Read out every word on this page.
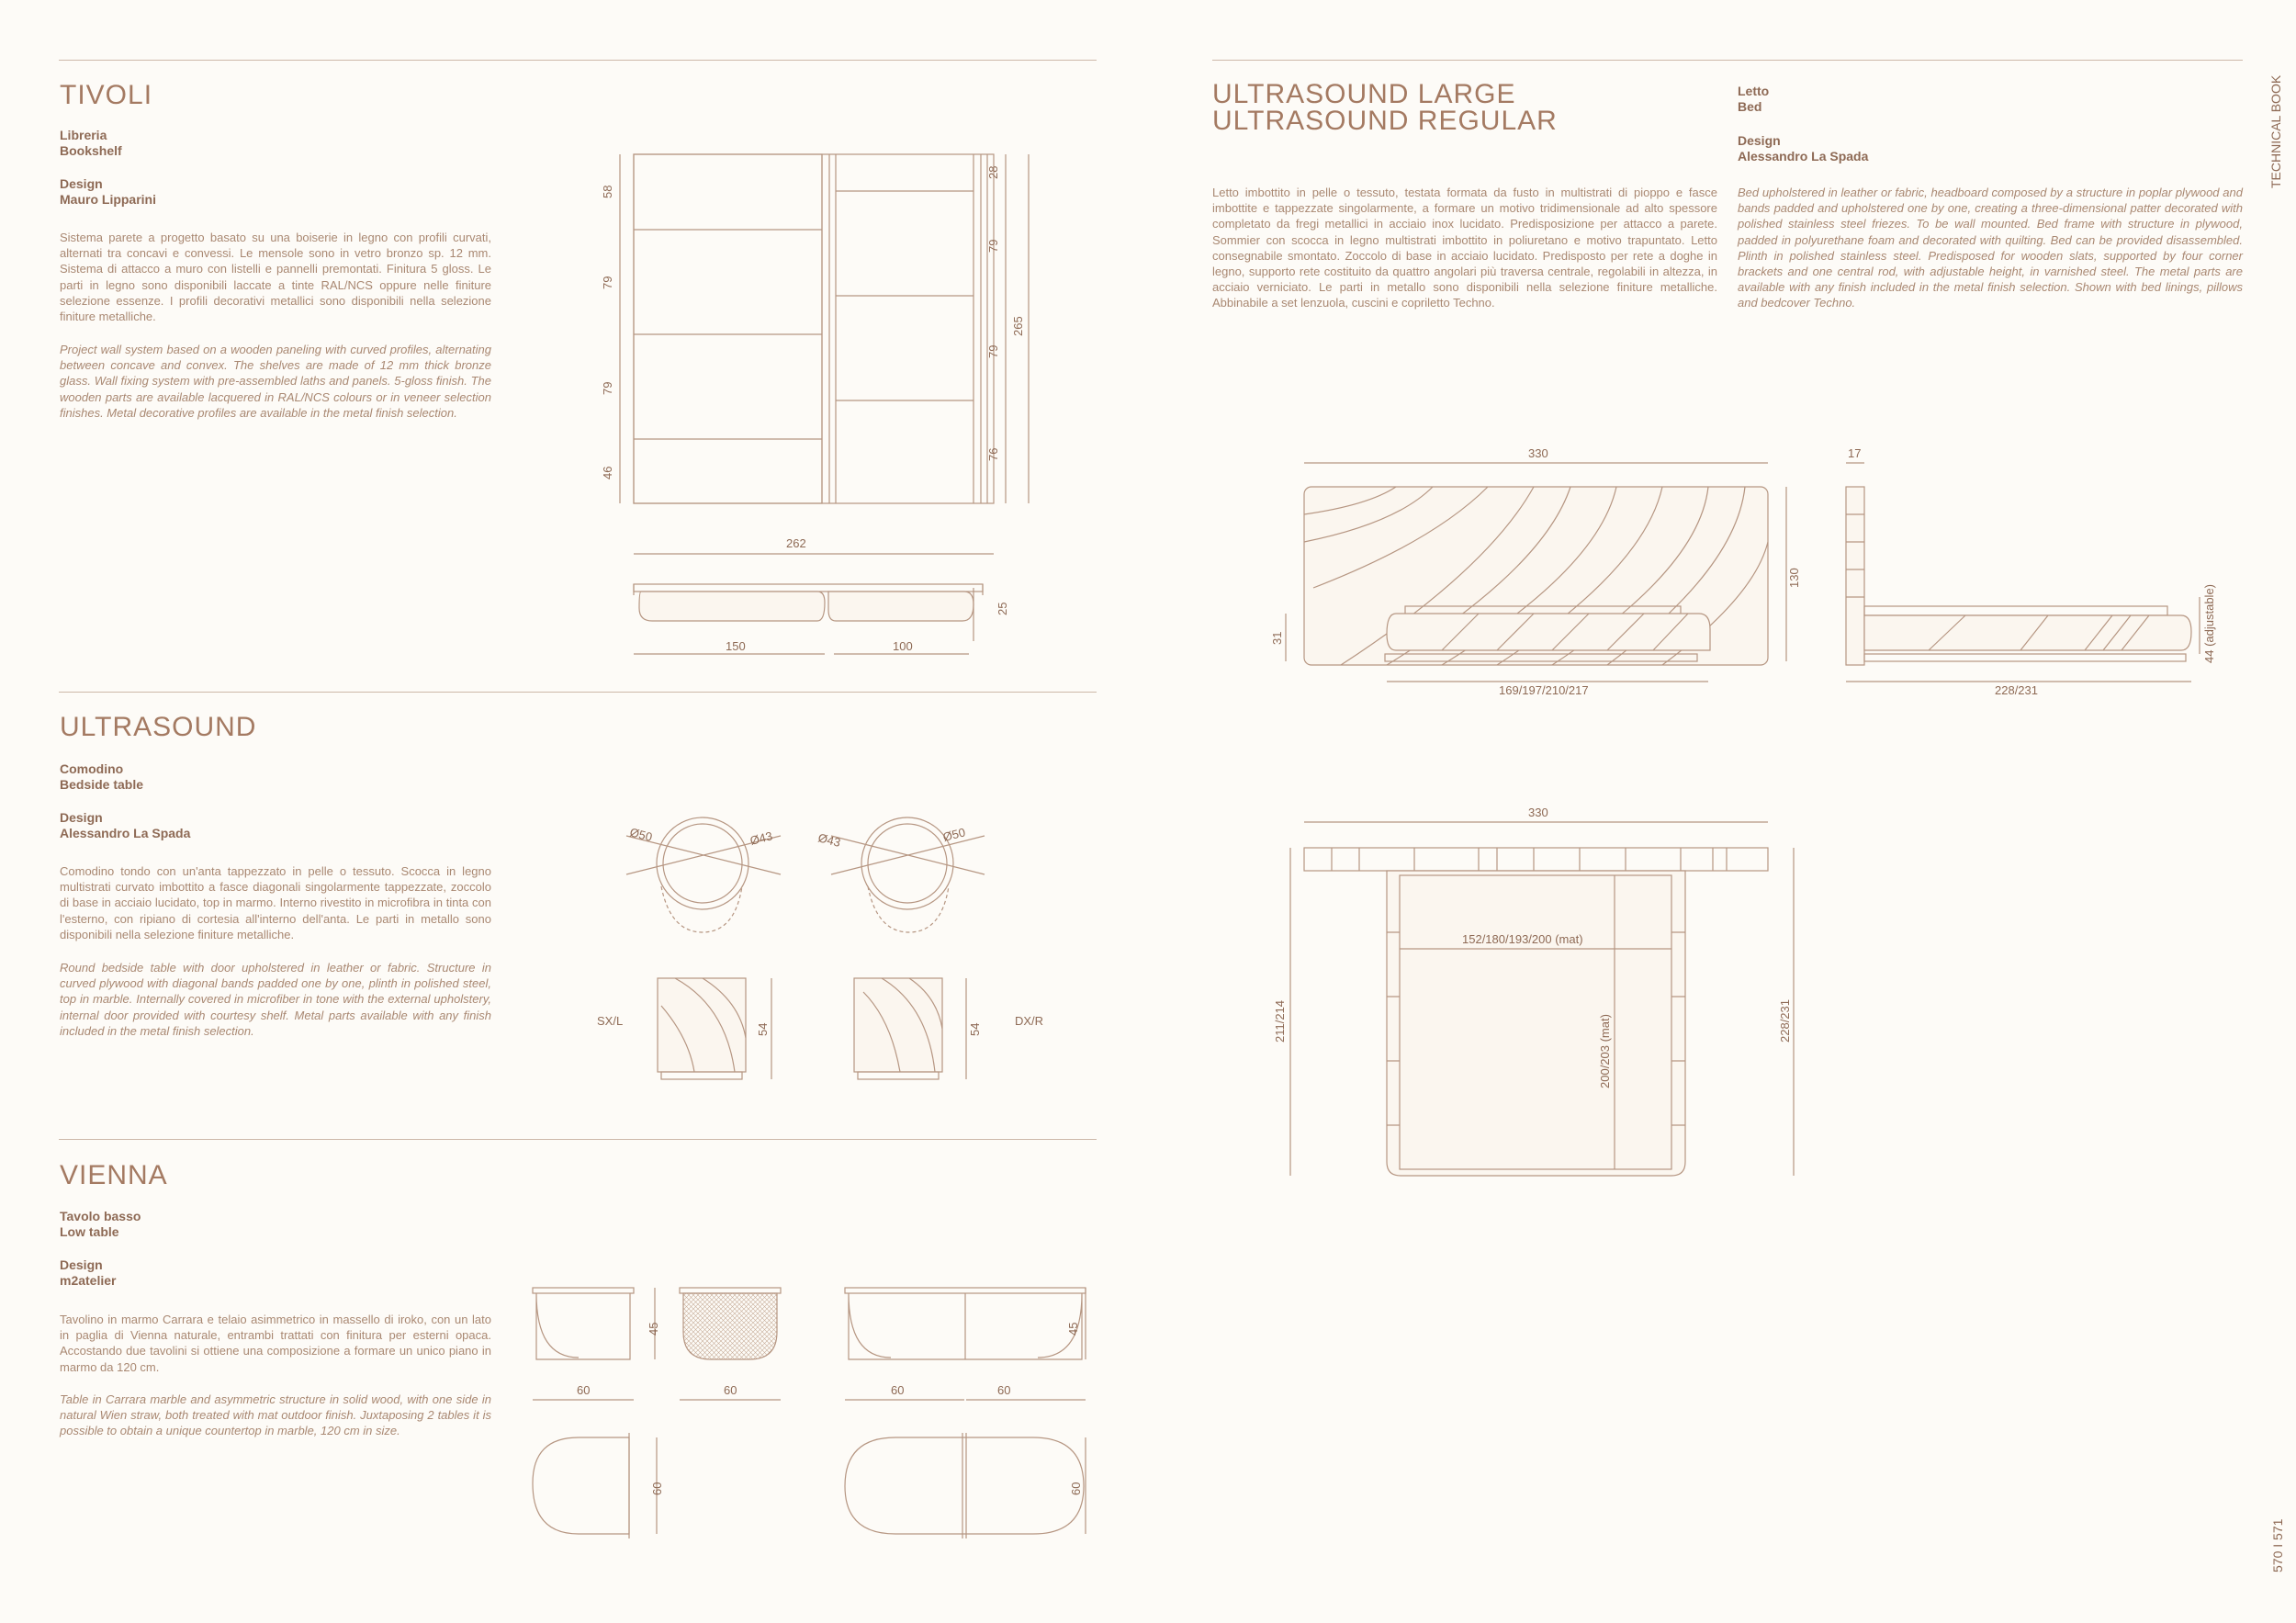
TIVOLI
Libreria
Bookshelf
Design
Mauro Lipparini
Sistema parete a progetto basato su una boiserie in legno con profili curvati, alternati tra concavi e convessi. Le mensole sono in vetro bronzo sp. 12 mm. Sistema di attacco a muro con listelli e pannelli premontati. Finitura 5 gloss. Le parti in legno sono disponibili laccate a tinte RAL/NCS oppure nelle finiture selezione essenze. I profili decorativi metallici sono disponibili nella selezione finiture metalliche.
Project wall system based on a wooden paneling with curved profiles, alternating between concave and convex. The shelves are made of 12 mm thick bronze glass. Wall fixing system with pre-assembled laths and panels. 5-gloss finish. The wooden parts are available lacquered in RAL/NCS colours or in veneer selection finishes. Metal decorative profiles are available in the metal finish selection.
58
79
79
46
28
79
79
76
265
262
25
150	100
ULTRASOUND
Comodino
Bedside table
Design
Alessandro La Spada
Comodino tondo con un'anta tappezzato in pelle o tessuto. Scocca in legno multistrati curvato imbottito a fasce diagonali singolarmente tappezzate, zoccolo di base in acciaio lucidato, top in marmo. Interno rivestito in microfibra in tinta con l'esterno, con ripiano di cortesia all'interno dell'anta. Le parti in metallo sono disponibili nella selezione finiture metalliche.
Round bedside table with door upholstered in leather or fabric. Structure in curved plywood with diagonal bands padded one by one, plinth in polished steel, top in marble. Internally covered in microfiber in tone with the external upholstery, internal door provided with courtesy shelf. Metal parts available with any finish included in the metal finish selection.
Ø50	Ø43	Ø43	Ø50
54
SX/L
54
DX/R
VIENNA
Tavolo basso
Low table
Design
m2atelier
Tavolino in marmo Carrara e telaio asimmetrico in massello di iroko, con un lato in paglia di Vienna naturale, entrambi trattati con finitura per esterni opaca. Accostando due tavolini si ottiene una composizione a formare un unico piano in marmo da 120 cm.
Table in Carrara marble and asymmetric structure in solid wood, with one side in natural Wien straw, both treated with mat outdoor finish. Juxtaposing 2 tables it is possible to obtain a unique countertop in marble, 120 cm in size.
45
60	60
45
60	60
60	60
TECHNICAL BOOK
570 I 571
ULTRASOUND LARGE
ULTRASOUND REGULAR
Letto
Bed
Design
Alessandro La Spada
Letto imbottito in pelle o tessuto, testata formata da fusto in multistrati di pioppo e fasce imbottite e tappezzate singolarmente, a formare un motivo tridimensionale ad alto spessore completato da fregi metallici in acciaio inox lucidato. Predisposizione per attacco a parete. Sommier con scocca in legno multistrati imbottito in poliuretano e motivo trapuntato. Letto consegnabile smontato. Zoccolo di base in acciaio lucidato. Predisposto per rete a doghe in legno, supporto rete costituito da quattro angolari più traversa centrale, regolabili in altezza, in acciaio verniciato. Le parti in metallo sono disponibili nella selezione finiture metalliche. Abbinabile a set lenzuola, cuscini e copriletto Techno.
Bed upholstered in leather or fabric, headboard composed by a structure in poplar plywood and bands padded and upholstered one by one, creating a three-dimensional patter decorated with polished stainless steel friezes. To be wall mounted. Bed frame with structure in plywood, padded in polyurethane foam and decorated with quilting. Bed can be provided disassembled. Plinth in polished stainless steel. Predisposed for wooden slats, supported by four corner brackets and one central rod, with adjustable height, in varnished steel. The metal parts are available with any finish included in the metal finish selection. Shown with bed linings, pillows and bedcover Techno.
330
31
130
169/197/210/217
17
44 (adjustable)
228/231
330
152/180/193/200 (mat)
200/203 (mat)
211/214	228/231
